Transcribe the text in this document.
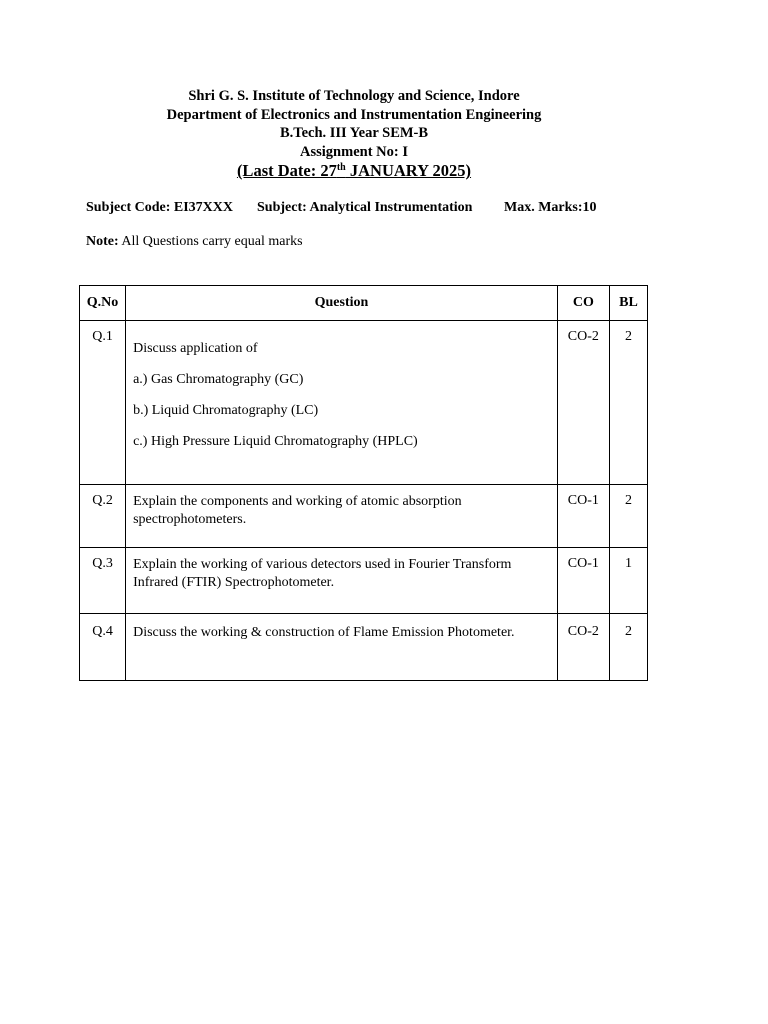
Shri G. S. Institute of Technology and Science, Indore
Department of Electronics and Instrumentation Engineering
B.Tech. III Year SEM-B
Assignment No: I
(Last Date: 27th JANUARY 2025)
Subject Code: EI37XXX Subject: Analytical Instrumentation Max. Marks:10
Note: All Questions carry equal marks
Q.No	Question	CO	BL
Q.1	Discuss application of
a.) Gas Chromatography (GC)
b.) Liquid Chromatography (LC)
c.) High Pressure Liquid Chromatography (HPLC)	CO-2	2
Q.2	Explain the components and working of atomic absorption spectrophotometers.	CO-1	2
Q.3	Explain the working of various detectors used in Fourier Transform Infrared (FTIR) Spectrophotometer.	CO-1	1
Q.4	Discuss the working & construction of Flame Emission Photometer.	CO-2	2
